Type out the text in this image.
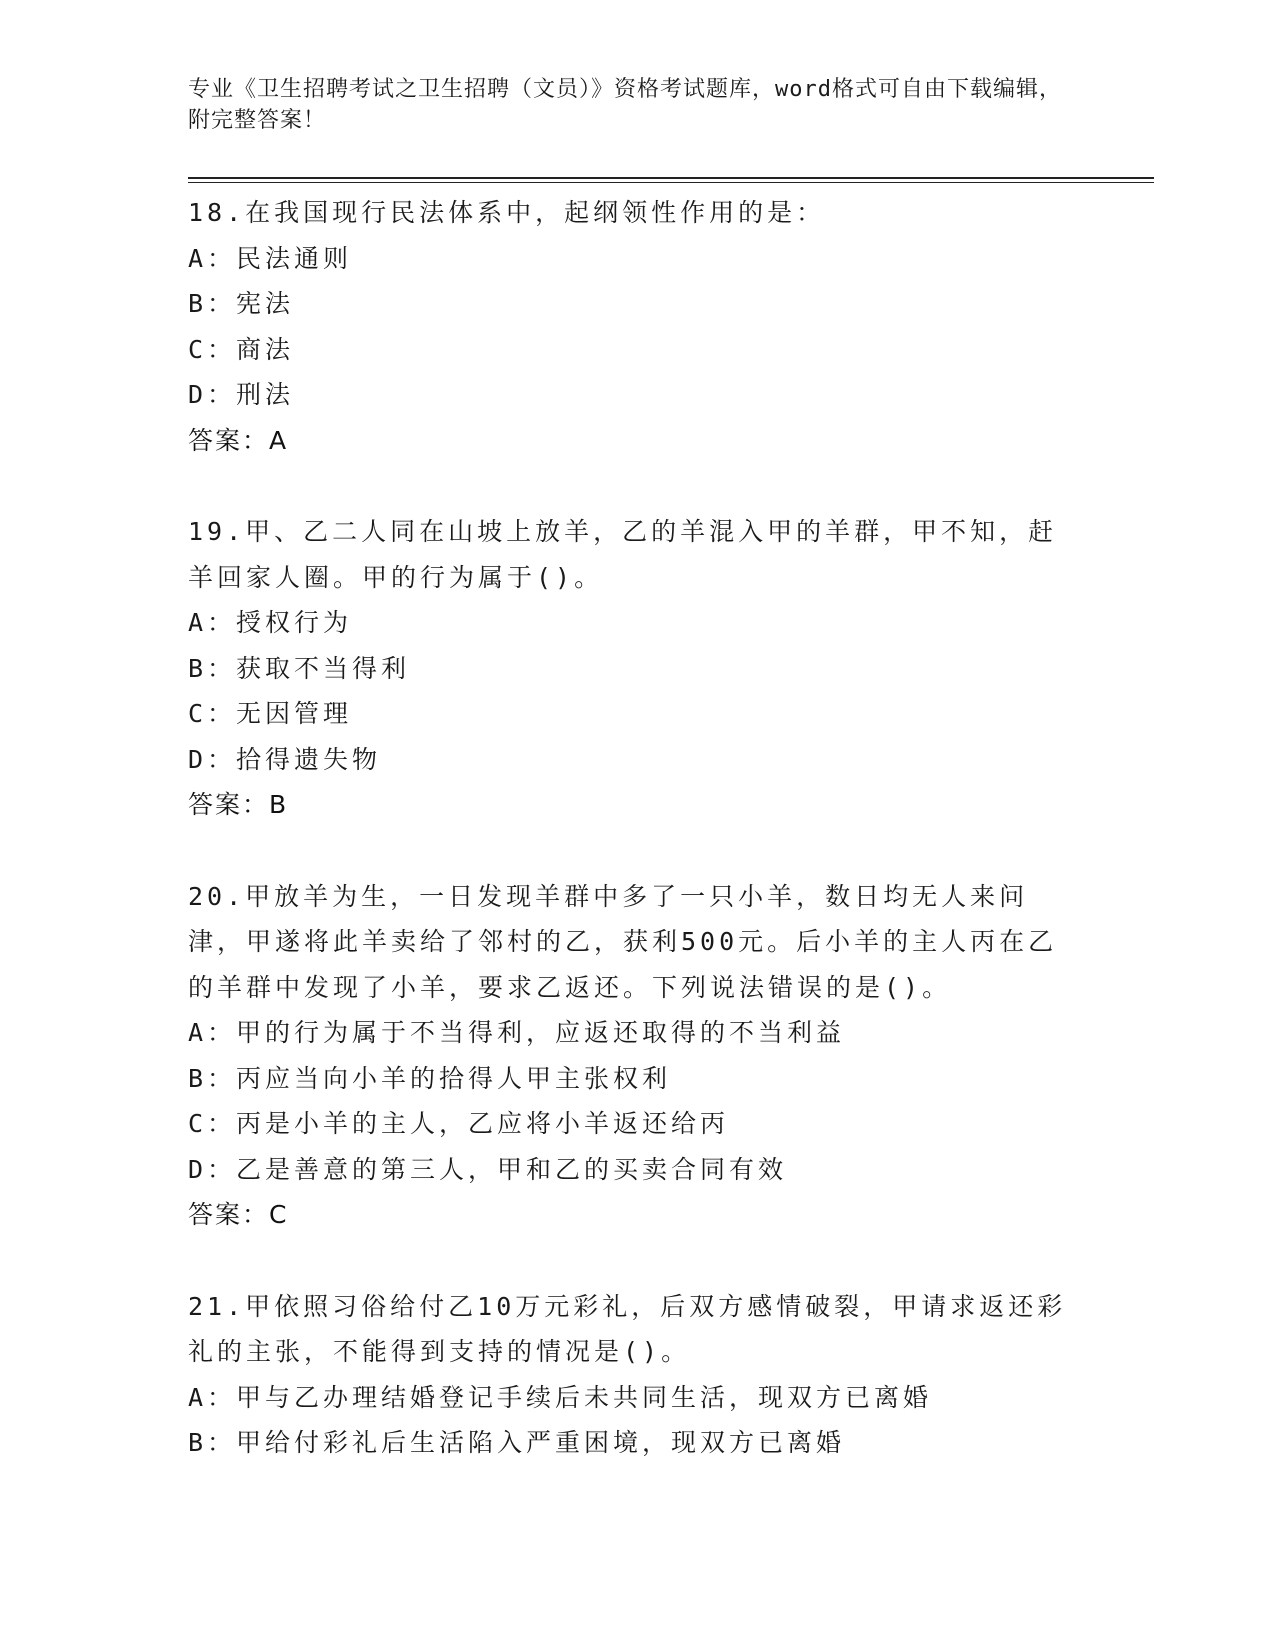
专业《卫生招聘考试之卫生招聘（文员）》资格考试题库，word格式可自由下载编辑，附完整答案！
18.在我国现行民法体系中，起纲领性作用的是：
A：民法通则
B：宪法
C：商法
D：刑法
答案：A
19.甲、乙二人同在山坡上放羊，乙的羊混入甲的羊群，甲不知，赶羊回家人圈。甲的行为属于()。
A：授权行为
B：获取不当得利
C：无因管理
D：拾得遗失物
答案：B
20.甲放羊为生，一日发现羊群中多了一只小羊，数日均无人来问津，甲遂将此羊卖给了邻村的乙，获利500元。后小羊的主人丙在乙的羊群中发现了小羊，要求乙返还。下列说法错误的是()。
A：甲的行为属于不当得利，应返还取得的不当利益
B：丙应当向小羊的拾得人甲主张权利
C：丙是小羊的主人，乙应将小羊返还给丙
D：乙是善意的第三人，甲和乙的买卖合同有效
答案：C
21.甲依照习俗给付乙10万元彩礼，后双方感情破裂，甲请求返还彩礼的主张，不能得到支持的情况是()。
A：甲与乙办理结婚登记手续后未共同生活，现双方已离婚
B：甲给付彩礼后生活陷入严重困境，现双方已离婚
